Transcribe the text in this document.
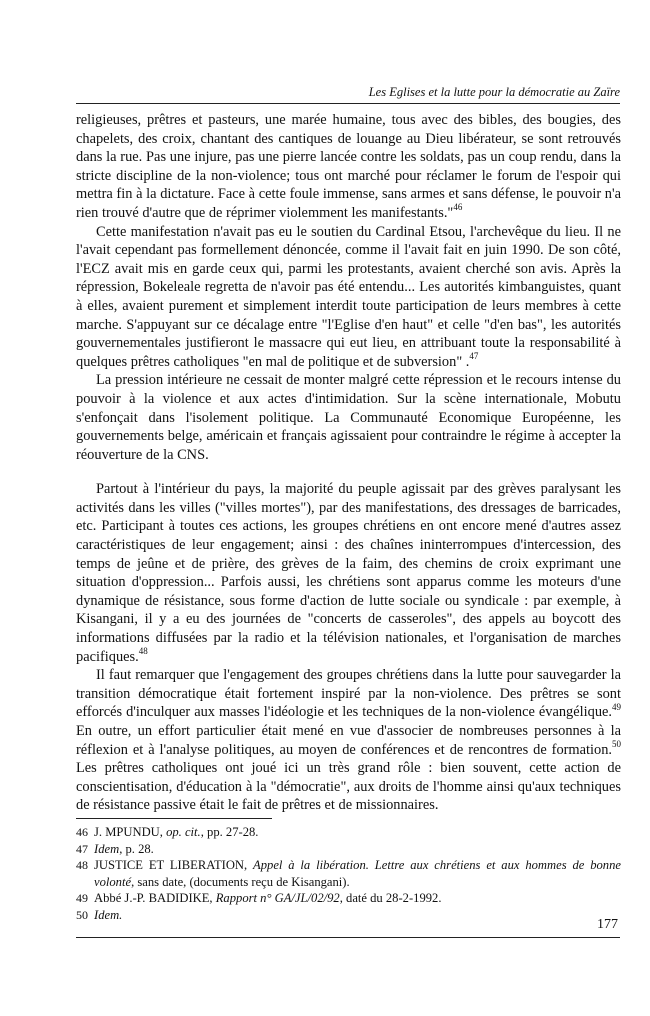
Les Eglises et la lutte pour la démocratie au Zaïre

religieuses, prêtres et pasteurs, une marée humaine, tous avec des bibles, des bougies, des chapelets, des croix, chantant des cantiques de louange au Dieu libérateur, se sont retrouvés dans la rue. Pas une injure, pas une pierre lancée contre les soldats, pas un coup rendu, dans la stricte discipline de la non-violence; tous ont marché pour réclamer le forum de l'espoir qui mettra fin à la dictature. Face à cette foule immense, sans armes et sans défense, le pouvoir n'a rien trouvé d'autre que de réprimer violemment les manifestants."$^{46}$

Cette manifestation n'avait pas eu le soutien du Cardinal Etsou, l'archevêque du lieu. Il ne l'avait cependant pas formellement dénoncée, comme il l'avait fait en juin 1990. De son côté, l'ECZ avait mis en garde ceux qui, parmi les protestants, avaient cherché son avis. Après la répression, Bokeleale regretta de n'avoir pas été entendu... Les autorités kimbanguistes, quant à elles, avaient purement et simplement interdit toute participation de leurs membres à cette marche. S'appuyant sur ce décalage entre "l'Eglise d'en haut" et celle "d'en bas", les autorités gouvernementales justifieront le massacre qui eut lieu, en attribuant toute la responsabilité à quelques prêtres catholiques "en mal de politique et de subversion" .$^{47}$

La pression intérieure ne cessait de monter malgré cette répression et le recours intense du pouvoir à la violence et aux actes d'intimidation. Sur la scène internationale, Mobutu s'enfonçait dans l'isolement politique. La Communauté Economique Européenne, les gouvernements belge, américain et français agissaient pour contraindre le régime à accepter la réouverture de la CNS.

Partout à l'intérieur du pays, la majorité du peuple agissait par des grèves paralysant les activités dans les villes ("villes mortes"), par des manifestations, des dressages de barricades, etc. Participant à toutes ces actions, les groupes chrétiens en ont encore mené d'autres assez caractéristiques de leur engagement; ainsi : des chaînes ininterrompues d'intercession, des temps de jeûne et de prière, des grèves de la faim, des chemins de croix exprimant une situation d'oppression... Parfois aussi, les chrétiens sont apparus comme les moteurs d'une dynamique de résistance, sous forme d'action de lutte sociale ou syndicale : par exemple, à Kisangani, il y a eu des journées de "concerts de casseroles", des appels au boycott des informations diffusées par la radio et la télévision nationales, et l'organisation de marches pacifiques.$^{48}$

Il faut remarquer que l'engagement des groupes chrétiens dans la lutte pour sauvegarder la transition démocratique était fortement inspiré par la non-violence. Des prêtres se sont efforcés d'inculquer aux masses l'idéologie et les techniques de la non-violence évangélique.$^{49}$ En outre, un effort particulier était mené en vue d'associer de nombreuses personnes à la réflexion et à l'analyse politiques, au moyen de conférences et de rencontres de formation.$^{50}$ Les prêtres catholiques ont joué ici un très grand rôle : bien souvent, cette action de conscientisation, d'éducation à la "démocratie", aux droits de l'homme ainsi qu'aux techniques de résistance passive était le fait de prêtres et de missionnaires.

46 J. MPUNDU, op. cit., pp. 27-28.
47 Idem, p. 28.
48 JUSTICE ET LIBERATION, Appel à la libération. Lettre aux chrétiens et aux hommes de bonne volonté, sans date, (documents reçu de Kisangani).
49 Abbé J.-P. BADIDIKE, Rapport n° GA/JL/02/92, daté du 28-2-1992.
50 Idem.
177
